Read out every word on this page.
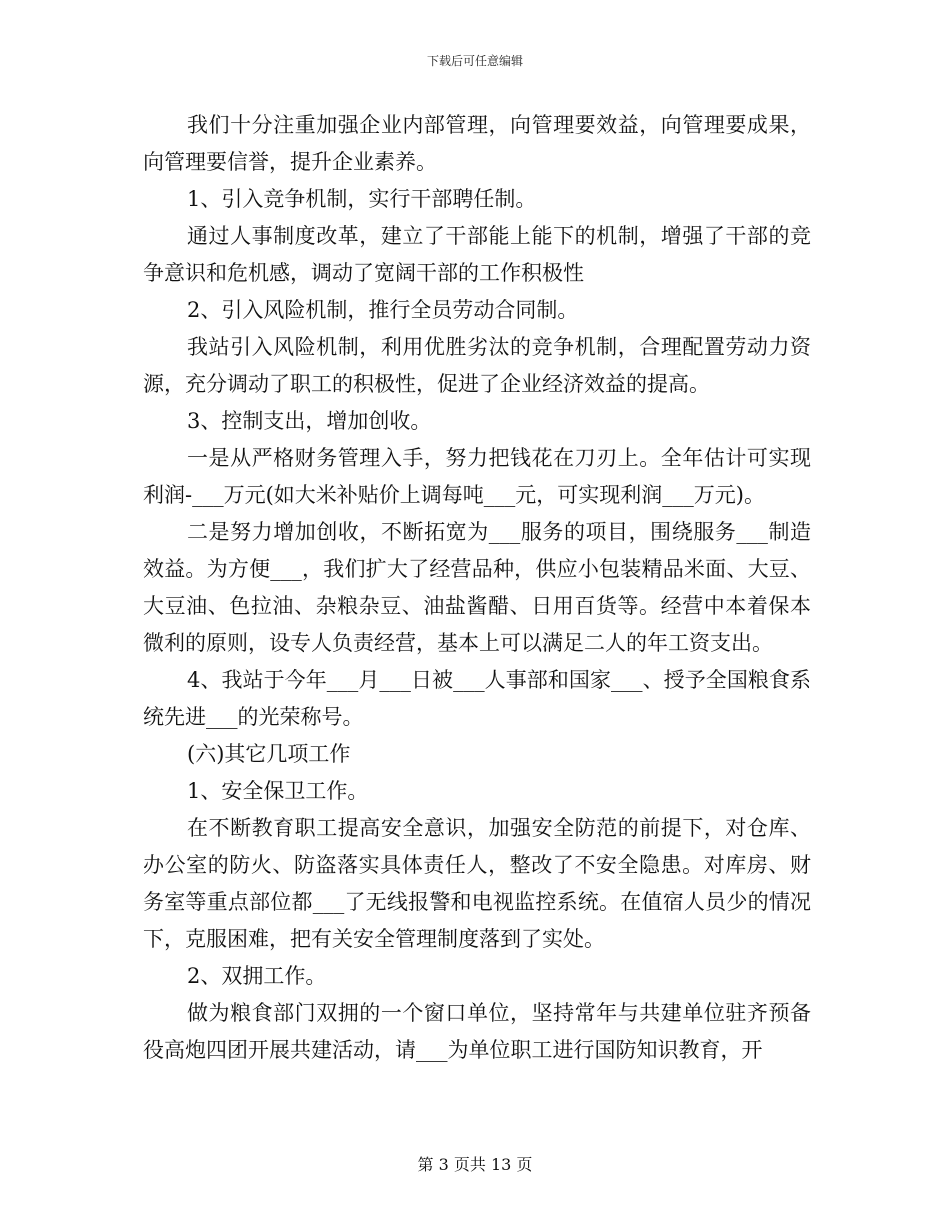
下载后可任意编辑

我们十分注重加强企业内部管理，向管理要效益，向管理要成果，向管理要信誉，提升企业素养。

1、引入竞争机制，实行干部聘任制。

通过人事制度改革，建立了干部能上能下的机制，增强了干部的竞争意识和危机感，调动了宽阔干部的工作积极性

2、引入风险机制，推行全员劳动合同制。

我站引入风险机制，利用优胜劣汰的竞争机制，合理配置劳动力资源，充分调动了职工的积极性，促进了企业经济效益的提高。

3、控制支出，增加创收。

一是从严格财务管理入手，努力把钱花在刀刃上。全年估计可实现利润-___万元(如大米补贴价上调每吨___元，可实现利润___万元)。

二是努力增加创收，不断拓宽为___服务的项目，围绕服务___制造效益。为方便___，我们扩大了经营品种，供应小包装精品米面、大豆、大豆油、色拉油、杂粮杂豆、油盐酱醋、日用百货等。经营中本着保本微利的原则，设专人负责经营，基本上可以满足二人的年工资支出。

4、我站于今年___月___日被___人事部和国家___、授予全国粮食系统先进___的光荣称号。

(六)其它几项工作

1、安全保卫工作。

在不断教育职工提高安全意识，加强安全防范的前提下，对仓库、办公室的防火、防盗落实具体责任人，整改了不安全隐患。对库房、财务室等重点部位都___了无线报警和电视监控系统。在值宿人员少的情况下，克服困难，把有关安全管理制度落到了实处。

2、双拥工作。

做为粮食部门双拥的一个窗口单位，坚持常年与共建单位驻齐预备役高炮四团开展共建活动，请___为单位职工进行国防知识教育，开

第 3 页共 13 页
